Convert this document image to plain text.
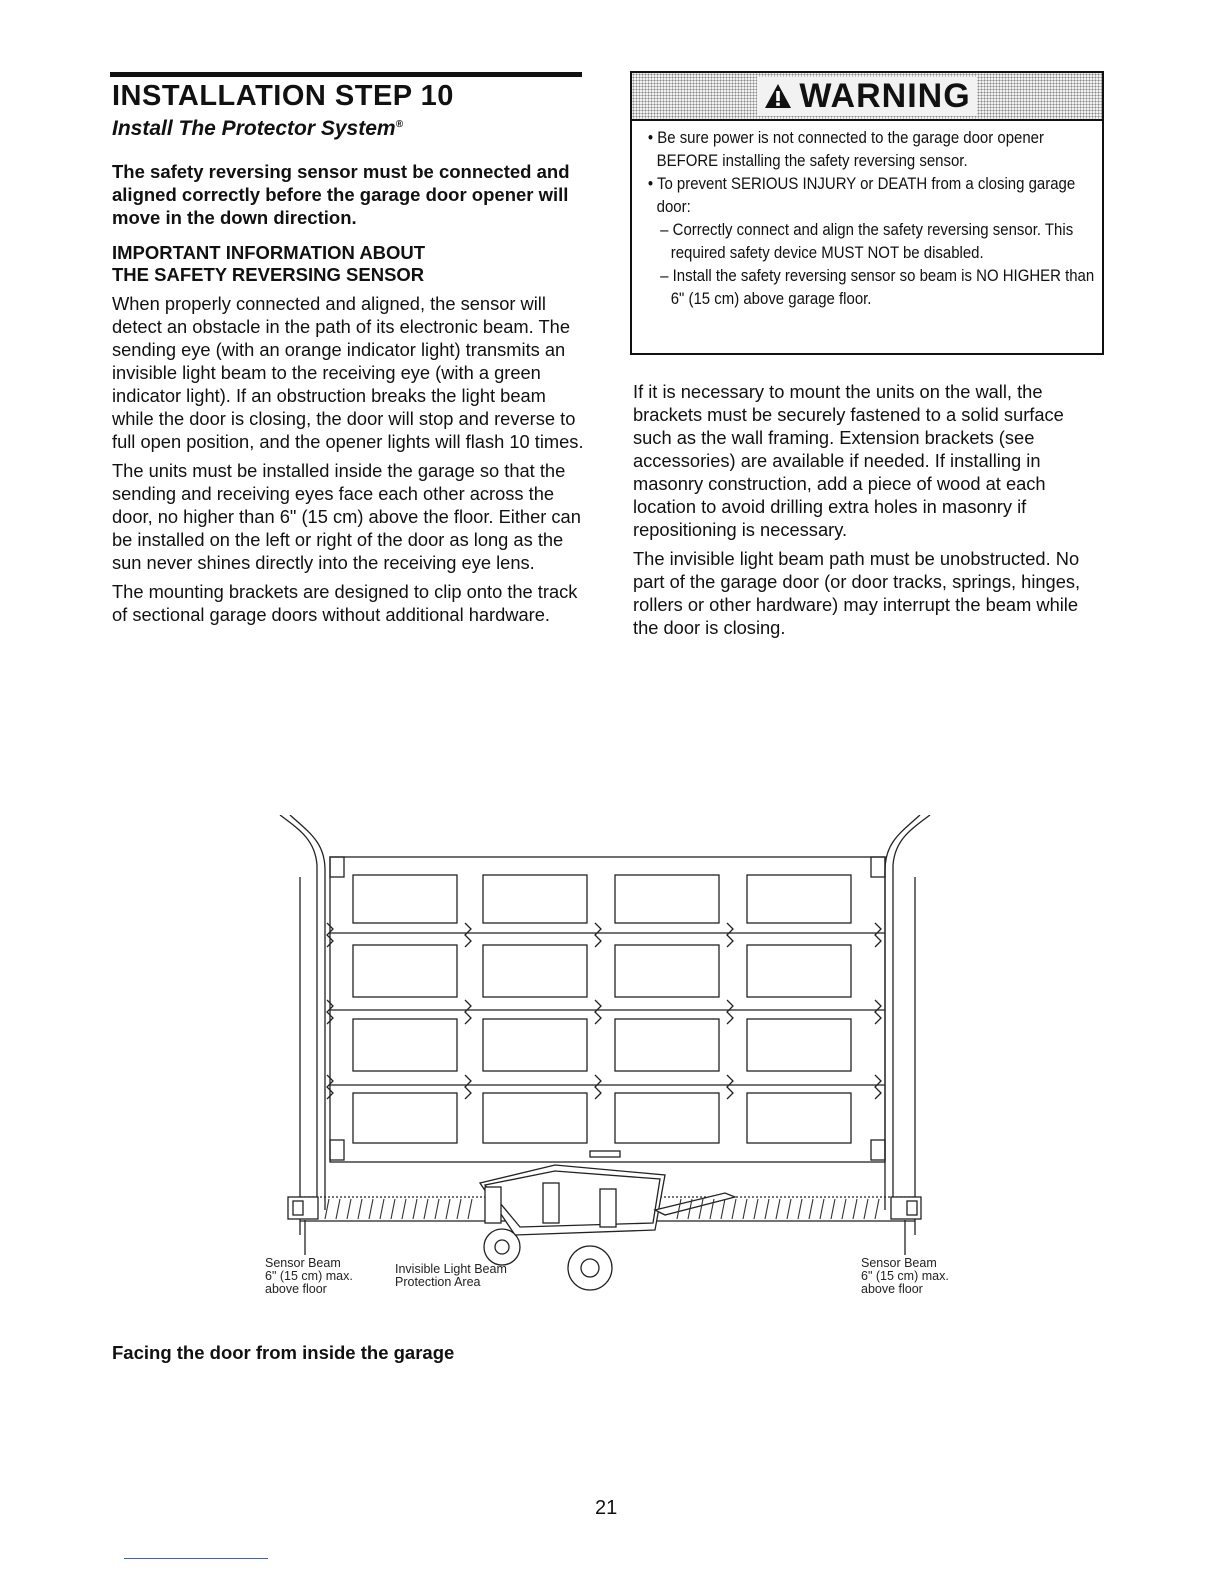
INSTALLATION STEP 10
Install The Protector System®
The safety reversing sensor must be connected and aligned correctly before the garage door opener will move in the down direction.
IMPORTANT INFORMATION ABOUT
THE SAFETY REVERSING SENSOR

When properly connected and aligned, the sensor will detect an obstacle in the path of its electronic beam. The sending eye (with an orange indicator light) transmits an invisible light beam to the receiving eye (with a green indicator light). If an obstruction breaks the light beam while the door is closing, the door will stop and reverse to full open position, and the opener lights will flash 10 times.

The units must be installed inside the garage so that the sending and receiving eyes face each other across the door, no higher than 6" (15 cm) above the floor. Either can be installed on the left or right of the door as long as the sun never shines directly into the receiving eye lens.

The mounting brackets are designed to clip onto the track of sectional garage doors without additional hardware.

WARNING
• Be sure power is not connected to the garage door opener BEFORE installing the safety reversing sensor.
• To prevent SERIOUS INJURY or DEATH from a closing garage door:
– Correctly connect and align the safety reversing sensor. This required safety device MUST NOT be disabled.
– Install the safety reversing sensor so beam is NO HIGHER than 6" (15 cm) above garage floor.

If it is necessary to mount the units on the wall, the brackets must be securely fastened to a solid surface such as the wall framing. Extension brackets (see accessories) are available if needed. If installing in masonry construction, add a piece of wood at each location to avoid drilling extra holes in masonry if repositioning is necessary.

The invisible light beam path must be unobstructed. No part of the garage door (or door tracks, springs, hinges, rollers or other hardware) may interrupt the beam while the door is closing.

Sensor Beam
6" (15 cm) max.
above floor
Invisible Light Beam
Protection Area
Sensor Beam
6" (15 cm) max.
above floor
Facing the door from inside the garage
21
